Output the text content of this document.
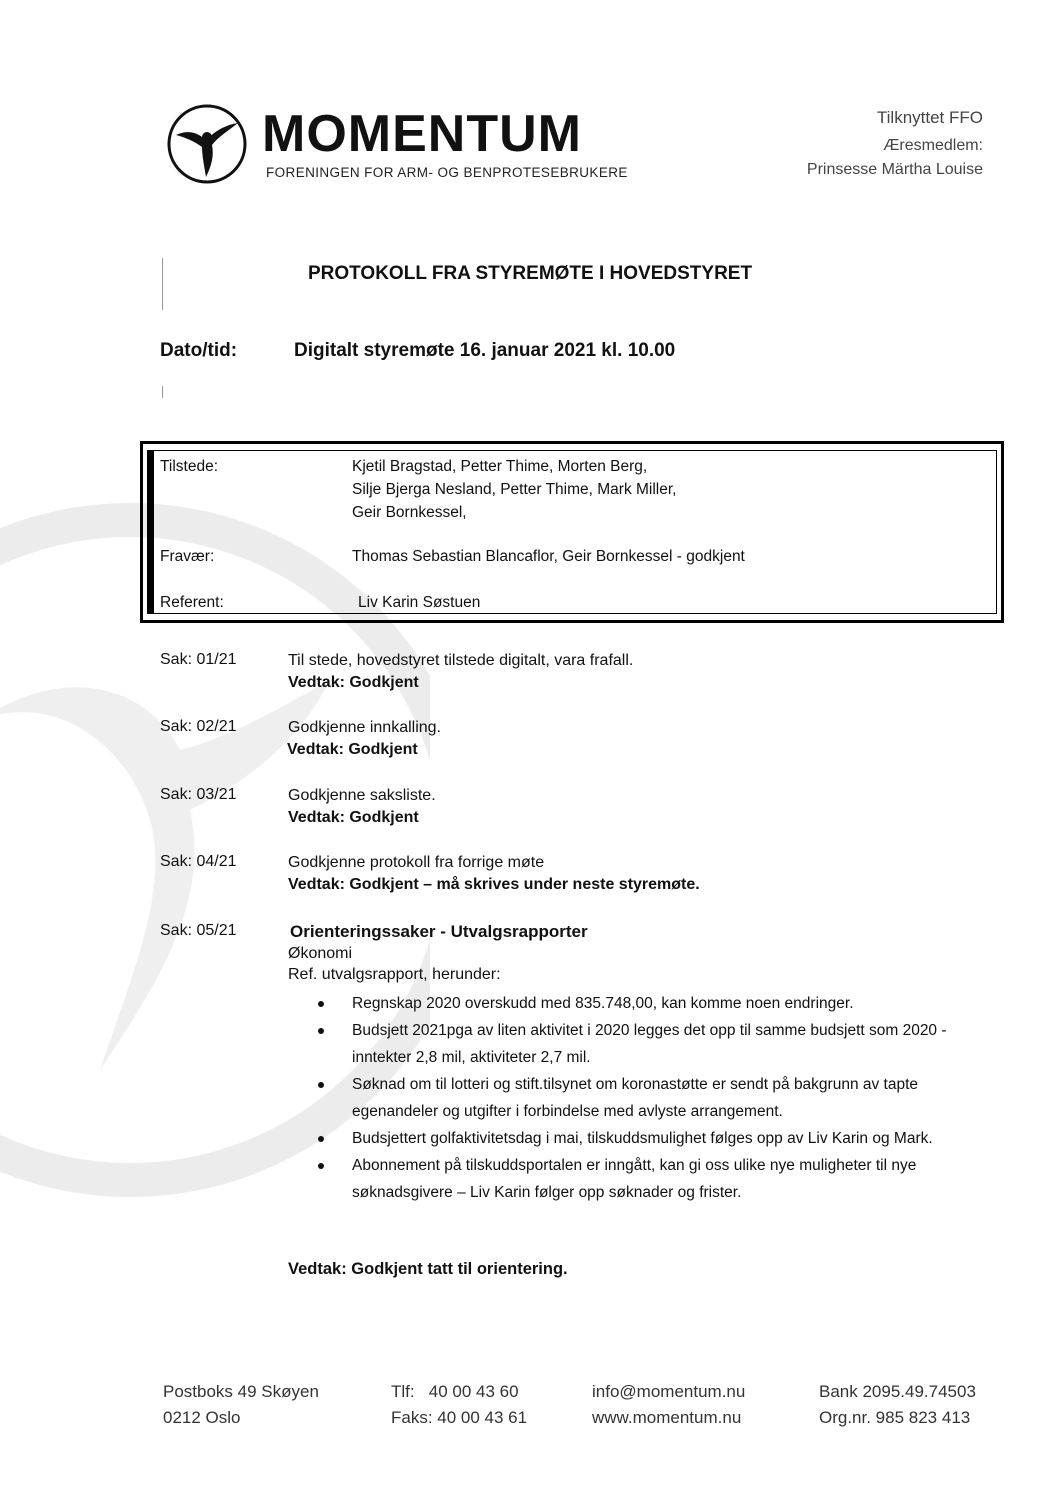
MOMENTUM
FORENINGEN FOR ARM- OG BENPROTESEBRUKERE
Tilknyttet FFO
Æresmedlem:
Prinsesse Märtha Louise
PROTOKOLL FRA STYREMØTE I HOVEDSTYRET
Dato/tid:	Digitalt styremøte 16. januar 2021 kl. 10.00
Tilstede:	Kjetil Bragstad, Petter Thime, Morten Berg,
Silje Bjerga Nesland, Petter Thime, Mark Miller,
Geir Bornkessel,
Fravær:	Thomas Sebastian Blancaflor, Geir Bornkessel - godkjent
Referent:	Liv Karin Søstuen
Sak: 01/21	Til stede, hovedstyret tilstede digitalt, vara frafall.
Vedtak: Godkjent
Sak: 02/21	Godkjenne innkalling.
Vedtak: Godkjent
Sak: 03/21	Godkjenne saksliste.
Vedtak: Godkjent
Sak: 04/21	Godkjenne protokoll fra forrige møte
Vedtak: Godkjent – må skrives under neste styremøte.
Sak: 05/21	Orienteringssaker - Utvalgsrapporter
Økonomi
Ref. utvalgsrapport, herunder:
Regnskap 2020 overskudd med 835.748,00, kan komme noen endringer.
Budsjett 2021pga av liten aktivitet i 2020 legges det opp til samme budsjett som 2020 - inntekter 2,8 mil, aktiviteter 2,7 mil.
Søknad om til lotteri og stift.tilsynet om koronastøtte er sendt på bakgrunn av tapte egenandeler og utgifter i forbindelse med avlyste arrangement.
Budsjettert golfaktivitetsdag i mai, tilskuddsmulighet følges opp av Liv Karin og Mark.
Abonnement på tilskuddsportalen er inngått, kan gi oss ulike nye muligheter til nye søknadsgivere – Liv Karin følger opp søknader og frister.
Vedtak: Godkjent tatt til orientering.
Postboks 49 Skøyen
0212 Oslo
Tlf:   40 00 43 60
Faks: 40 00 43 61
info@momentum.nu
www.momentum.nu
Bank 2095.49.74503
Org.nr. 985 823 413
